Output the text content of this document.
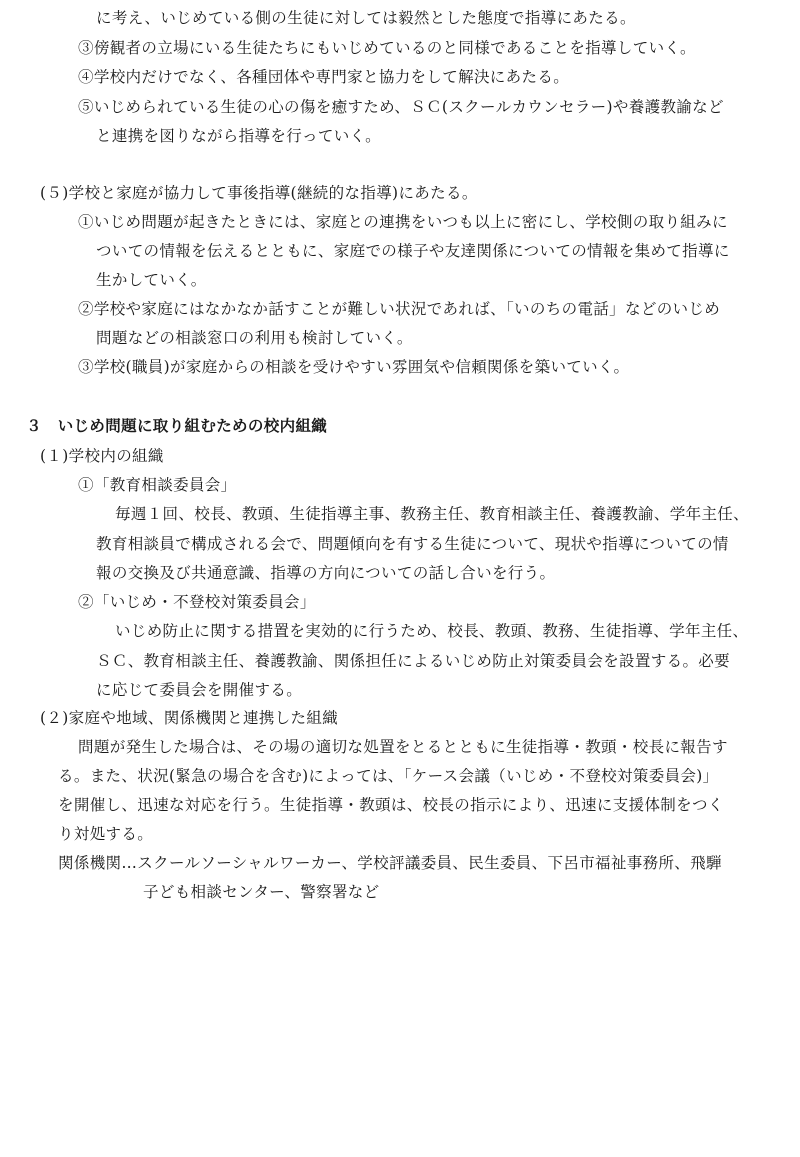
に考え、いじめている側の生徒に対しては毅然とした態度で指導にあたる。
③傍観者の立場にいる生徒たちにもいじめているのと同様であることを指導していく。
④学校内だけでなく、各種団体や専門家と協力をして解決にあたる。
⑤いじめられている生徒の心の傷を癒すため、ＳＣ(スクールカウンセラー)や養護教諭など
と連携を図りながら指導を行っていく。
(５)学校と家庭が協力して事後指導(継続的な指導)にあたる。
①いじめ問題が起きたときには、家庭との連携をいつも以上に密にし、学校側の取り組みに
ついての情報を伝えるとともに、家庭での様子や友達関係についての情報を集めて指導に
生かしていく。
②学校や家庭にはなかなか話すことが難しい状況であれば、「いのちの電話」などのいじめ
問題などの相談窓口の利用も検討していく。
③学校(職員)が家庭からの相談を受けやすい雰囲気や信頼関係を築いていく。
３　いじめ問題に取り組むための校内組織
(１)学校内の組織
①「教育相談委員会」
毎週１回、校長、教頭、生徒指導主事、教務主任、教育相談主任、養護教諭、学年主任、
教育相談員で構成される会で、問題傾向を有する生徒について、現状や指導についての情
報の交換及び共通意識、指導の方向についての話し合いを行う。
②「いじめ・不登校対策委員会」
いじめ防止に関する措置を実効的に行うため、校長、教頭、教務、生徒指導、学年主任、
ＳＣ、教育相談主任、養護教諭、関係担任によるいじめ防止対策委員会を設置する。必要
に応じて委員会を開催する。
(２)家庭や地域、関係機関と連携した組織
問題が発生した場合は、その場の適切な処置をとるとともに生徒指導・教頭・校長に報告す
る。また、状況(緊急の場合を含む)によっては、「ケース会議（いじめ・不登校対策委員会)」
を開催し、迅速な対応を行う。生徒指導・教頭は、校長の指示により、迅速に支援体制をつく
り対処する。
関係機関…スクールソーシャルワーカー、学校評議委員、民生委員、下呂市福祉事務所、飛騨
子ども相談センター、警察署など
